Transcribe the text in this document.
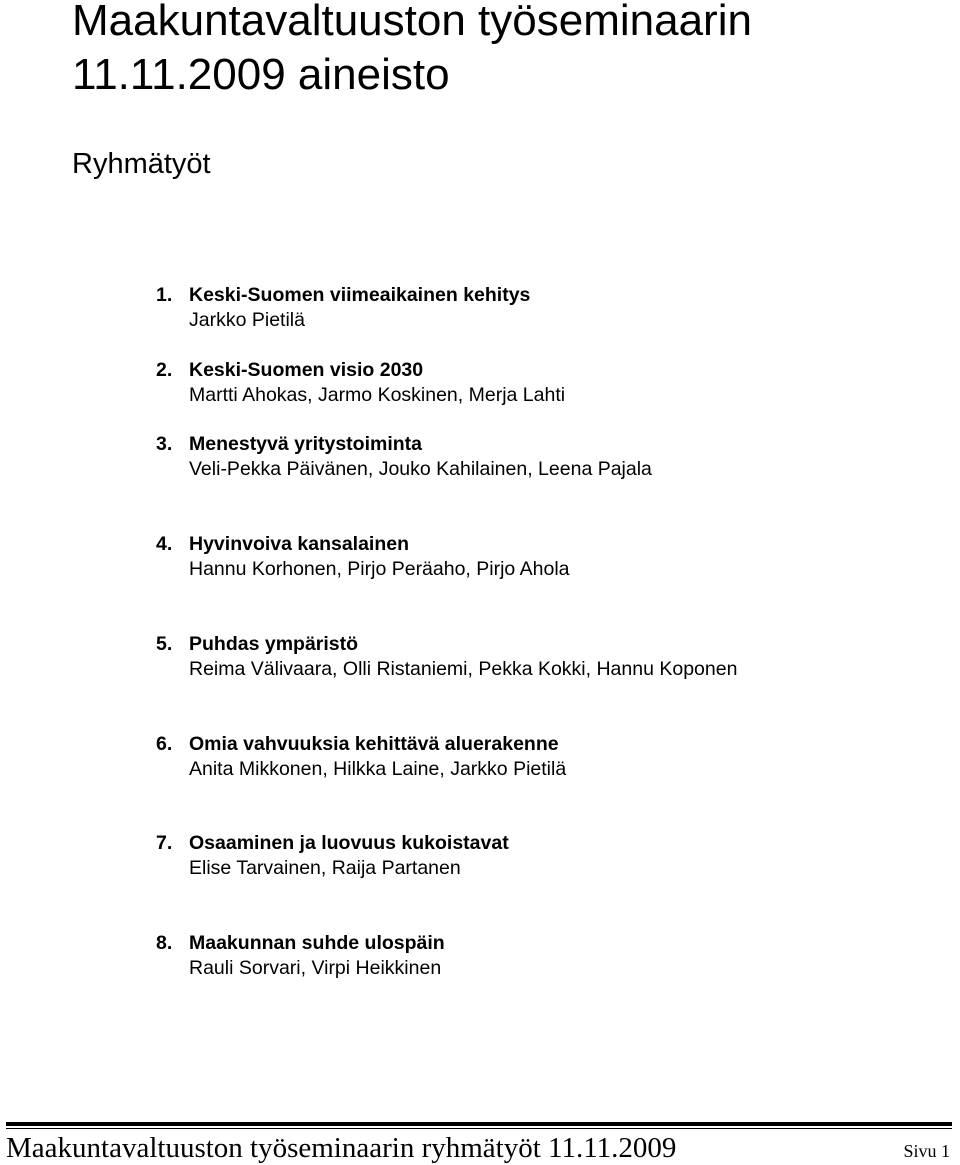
Maakuntavaltuuston työseminaarin
11.11.2009 aineisto
Ryhmätyöt
1. Keski-Suomen viimeaikainen kehitys
Jarkko Pietilä
2. Keski-Suomen visio 2030
Martti Ahokas, Jarmo Koskinen, Merja Lahti
3. Menestyvä yritystoiminta
Veli-Pekka Päivänen, Jouko Kahilainen, Leena Pajala
4. Hyvinvoiva kansalainen
Hannu Korhonen, Pirjo Peräaho, Pirjo Ahola
5. Puhdas ympäristö
Reima Välivaara, Olli Ristaniemi, Pekka Kokki, Hannu Koponen
6. Omia vahvuuksia kehittävä aluerakenne
Anita Mikkonen, Hilkka Laine, Jarkko Pietilä
7. Osaaminen ja luovuus kukoistavat
Elise Tarvainen, Raija Partanen
8. Maakunnan suhde ulospäin
Rauli Sorvari, Virpi Heikkinen
Maakuntavaltuuston työseminaarin ryhmätyöt 11.11.2009	Sivu 1
